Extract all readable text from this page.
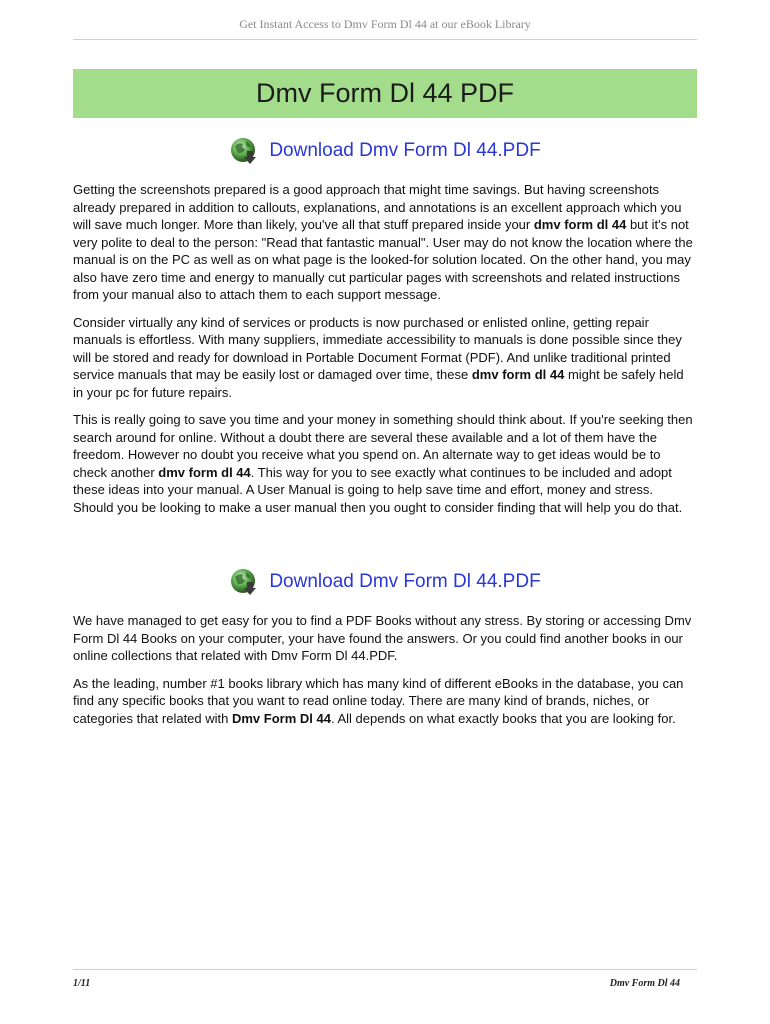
Get Instant Access to Dmv Form Dl 44 at our eBook Library
Dmv Form Dl 44 PDF
Download Dmv Form Dl 44.PDF

Getting the screenshots prepared is a good approach that might time savings. But having screenshots already prepared in addition to callouts, explanations, and annotations is an excellent approach which you will save much longer. More than likely, you've all that stuff prepared inside your dmv form dl 44 but it's not very polite to deal to the person: "Read that fantastic manual". User may do not know the location where the manual is on the PC as well as on what page is the looked-for solution located. On the other hand, you may also have zero time and energy to manually cut particular pages with screenshots and related instructions from your manual also to attach them to each support message.

Consider virtually any kind of services or products is now purchased or enlisted online, getting repair manuals is effortless. With many suppliers, immediate accessibility to manuals is done possible since they will be stored and ready for download in Portable Document Format (PDF). And unlike traditional printed service manuals that may be easily lost or damaged over time, these dmv form dl 44 might be safely held in your pc for future repairs.

This is really going to save you time and your money in something should think about. If you're seeking then search around for online. Without a doubt there are several these available and a lot of them have the freedom. However no doubt you receive what you spend on. An alternate way to get ideas would be to check another dmv form dl 44. This way for you to see exactly what continues to be included and adopt these ideas into your manual. A User Manual is going to help save time and effort, money and stress. Should you be looking to make a user manual then you ought to consider finding that will help you do that.

Download Dmv Form Dl 44.PDF

We have managed to get easy for you to find a PDF Books without any stress. By storing or accessing Dmv Form Dl 44 Books on your computer, your have found the answers. Or you could find another books in our online collections that related with Dmv Form Dl 44.PDF.

As the leading, number #1 books library which has many kind of different eBooks in the database, you can find any specific books that you want to read online today. There are many kind of brands, niches, or categories that related with Dmv Form Dl 44. All depends on what exactly books that you are looking for.

1/11	Dmv Form Dl 44
